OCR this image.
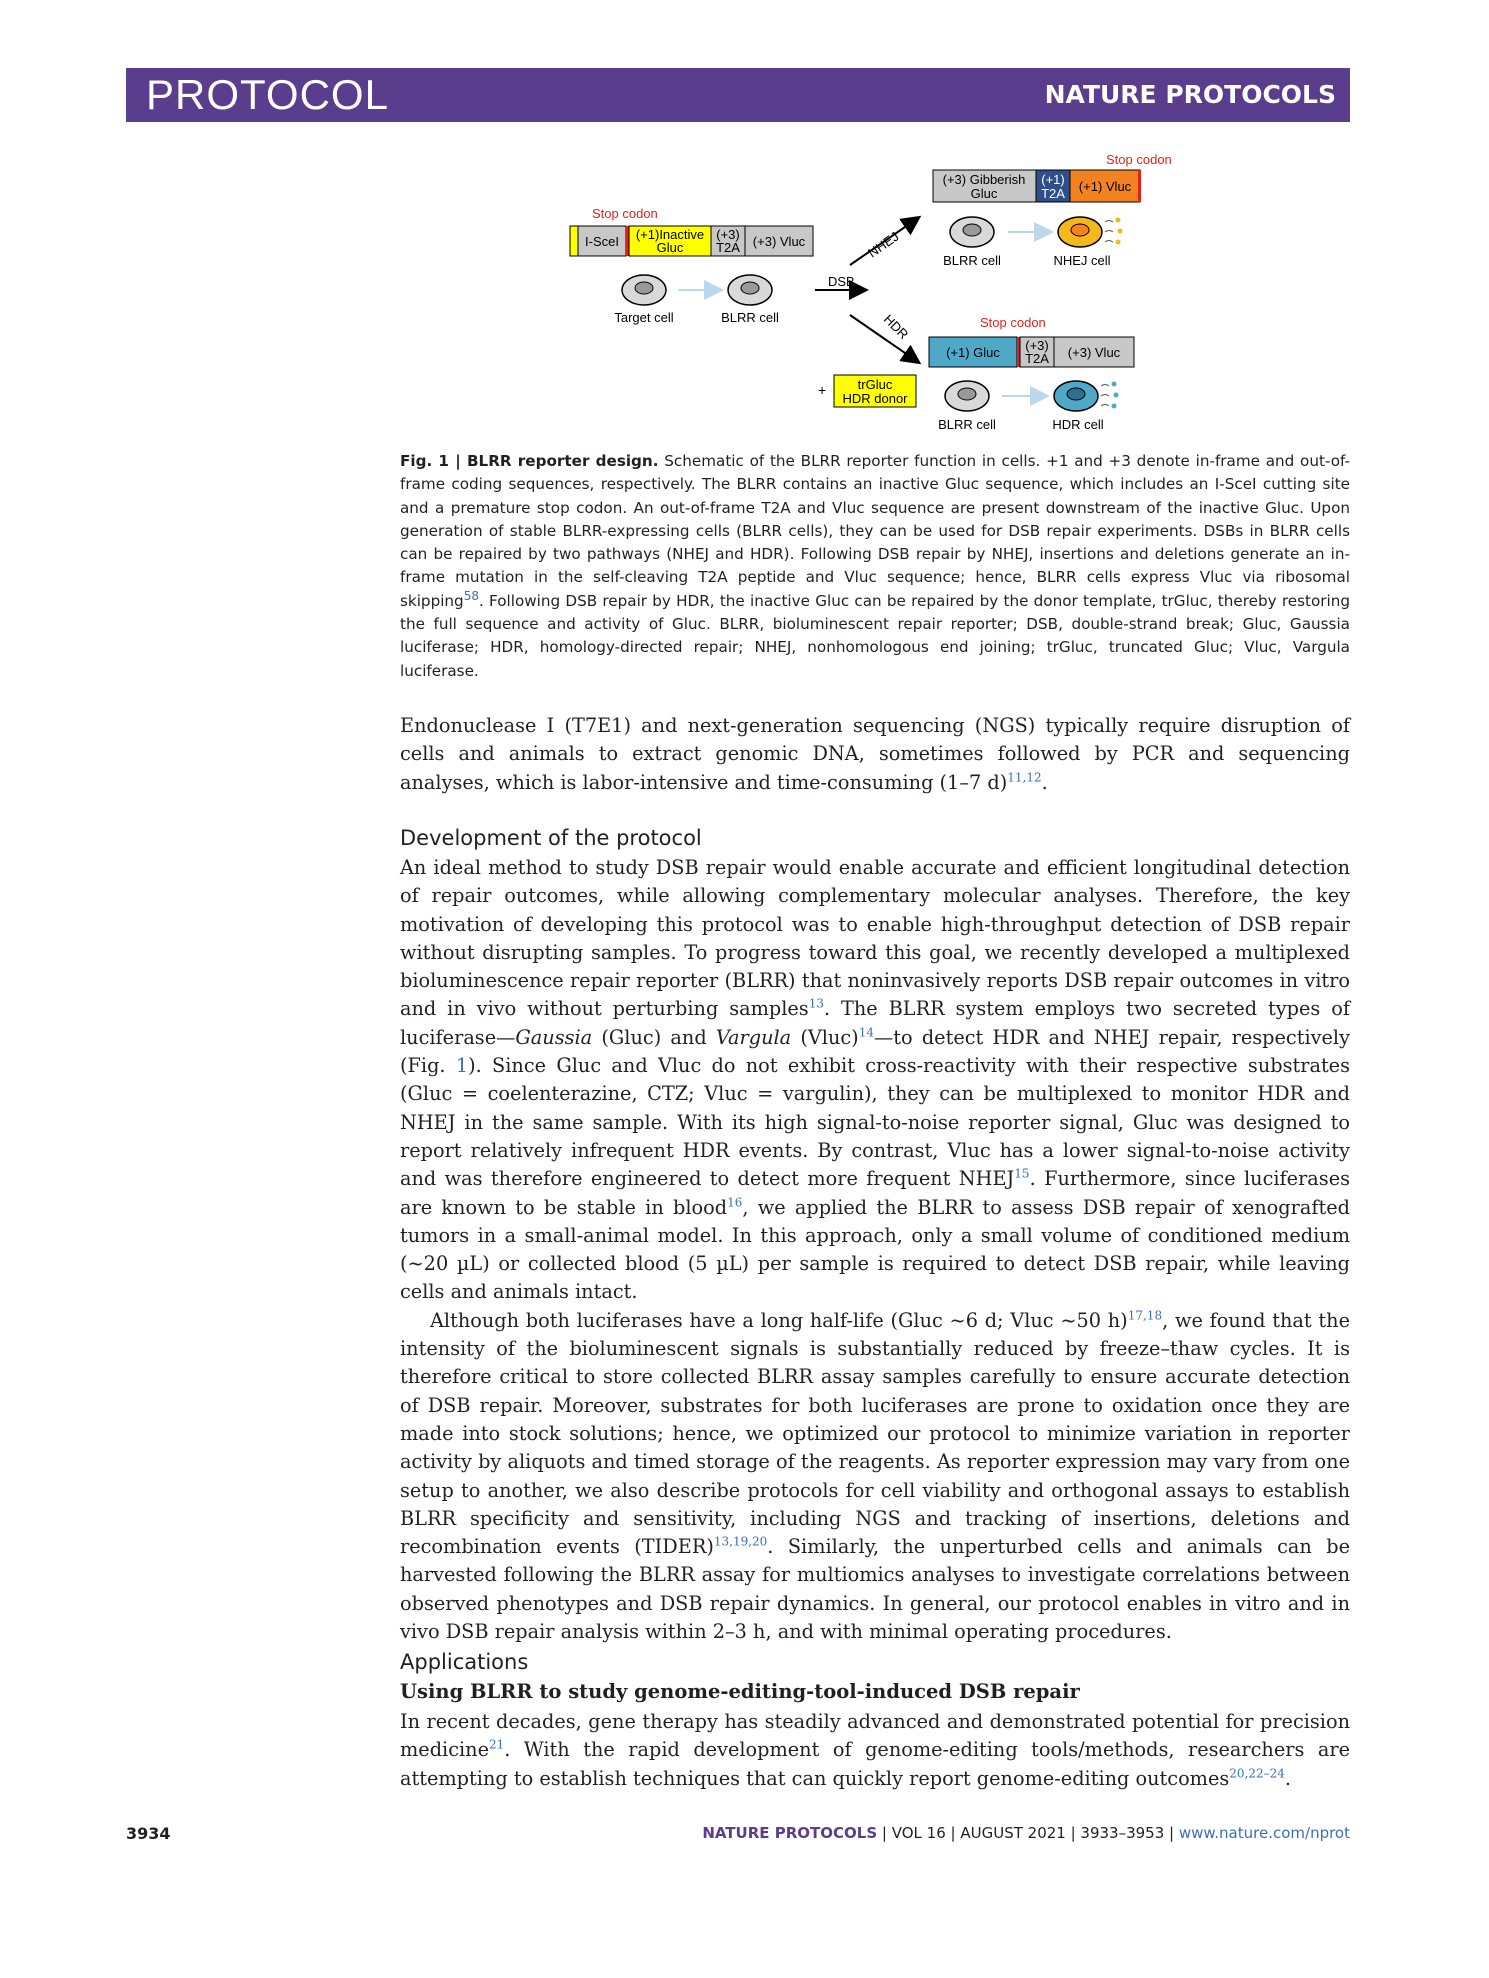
PROTOCOL	NATURE PROTOCOLS
Stop codon
I-SceI (+1)Inactive
Gluc
(+3)
T2A (+3) Vluc
Target cell	BLRR cell
DSB
NHEJ
HDR
Stop codon
(+3) Gibberish
Gluc
(+1)
T2A (+1) Vluc
BLRR cell	NHEJ cell
Stop codon
(+1) Gluc (+3)
T2A (+3) Vluc
+ trGluc
HDR donor
BLRR cell	HDR cell
Fig. 1 | BLRR reporter design. Schematic of the BLRR reporter function in cells. +1 and +3 denote in-frame and out-of-frame coding sequences, respectively. The BLRR contains an inactive Gluc sequence, which includes an I-SceI cutting site and a premature stop codon. An out-of-frame T2A and Vluc sequence are present downstream of the inactive Gluc. Upon generation of stable BLRR-expressing cells (BLRR cells), they can be used for DSB repair experiments. DSBs in BLRR cells can be repaired by two pathways (NHEJ and HDR). Following DSB repair by NHEJ, insertions and deletions generate an in-frame mutation in the self-cleaving T2A peptide and Vluc sequence; hence, BLRR cells express Vluc via ribosomal skipping$^{58}$. Following DSB repair by HDR, the inactive Gluc can be repaired by the donor template, trGluc, thereby restoring the full sequence and activity of Gluc. BLRR, bioluminescent repair reporter; DSB, double-strand break; Gluc, Gaussia luciferase; HDR, homology-directed repair; NHEJ, nonhomologous end joining; trGluc, truncated Gluc; Vluc, Vargula luciferase.

Endonuclease I (T7E1) and next-generation sequencing (NGS) typically require disruption of cells and animals to extract genomic DNA, sometimes followed by PCR and sequencing analyses, which is labor-intensive and time-consuming (1–7 d)$^{11,12}$.

Development of the protocol

An ideal method to study DSB repair would enable accurate and efficient longitudinal detection of repair outcomes, while allowing complementary molecular analyses. Therefore, the key motivation of developing this protocol was to enable high-throughput detection of DSB repair without disrupting samples. To progress toward this goal, we recently developed a multiplexed bioluminescence repair reporter (BLRR) that noninvasively reports DSB repair outcomes in vitro and in vivo without perturbing samples$^{13}$. The BLRR system employs two secreted types of luciferase—Gaussia (Gluc) and Vargula (Vluc)$^{14}$—to detect HDR and NHEJ repair, respectively (Fig. 1). Since Gluc and Vluc do not exhibit cross-reactivity with their respective substrates (Gluc = coelenterazine, CTZ; Vluc = vargulin), they can be multiplexed to monitor HDR and NHEJ in the same sample. With its high signal-to-noise reporter signal, Gluc was designed to report relatively infrequent HDR events. By contrast, Vluc has a lower signal-to-noise activity and was therefore engineered to detect more frequent NHEJ$^{15}$. Furthermore, since luciferases are known to be stable in blood$^{16}$, we applied the BLRR to assess DSB repair of xenografted tumors in a small-animal model. In this approach, only a small volume of conditioned medium (~20 µL) or collected blood (5 µL) per sample is required to detect DSB repair, while leaving cells and animals intact.

Although both luciferases have a long half-life (Gluc ~6 d; Vluc ~50 h)$^{17,18}$, we found that the intensity of the bioluminescent signals is substantially reduced by freeze–thaw cycles. It is therefore critical to store collected BLRR assay samples carefully to ensure accurate detection of DSB repair. Moreover, substrates for both luciferases are prone to oxidation once they are made into stock solutions; hence, we optimized our protocol to minimize variation in reporter activity by aliquots and timed storage of the reagents. As reporter expression may vary from one setup to another, we also describe protocols for cell viability and orthogonal assays to establish BLRR specificity and sensitivity, including NGS and tracking of insertions, deletions and recombination events (TIDER)$^{13,19,20}$. Similarly, the unperturbed cells and animals can be harvested following the BLRR assay for multiomics analyses to investigate correlations between observed phenotypes and DSB repair dynamics. In general, our protocol enables in vitro and in vivo DSB repair analysis within 2–3 h, and with minimal operating procedures.

Applications
Using BLRR to study genome-editing-tool-induced DSB repair

In recent decades, gene therapy has steadily advanced and demonstrated potential for precision medicine$^{21}$. With the rapid development of genome-editing tools/methods, researchers are attempting to establish techniques that can quickly report genome-editing outcomes$^{20,22-24}$.

3934	NATURE PROTOCOLS | VOL 16 | AUGUST 2021 | 3933–3953 | www.nature.com/nprot
